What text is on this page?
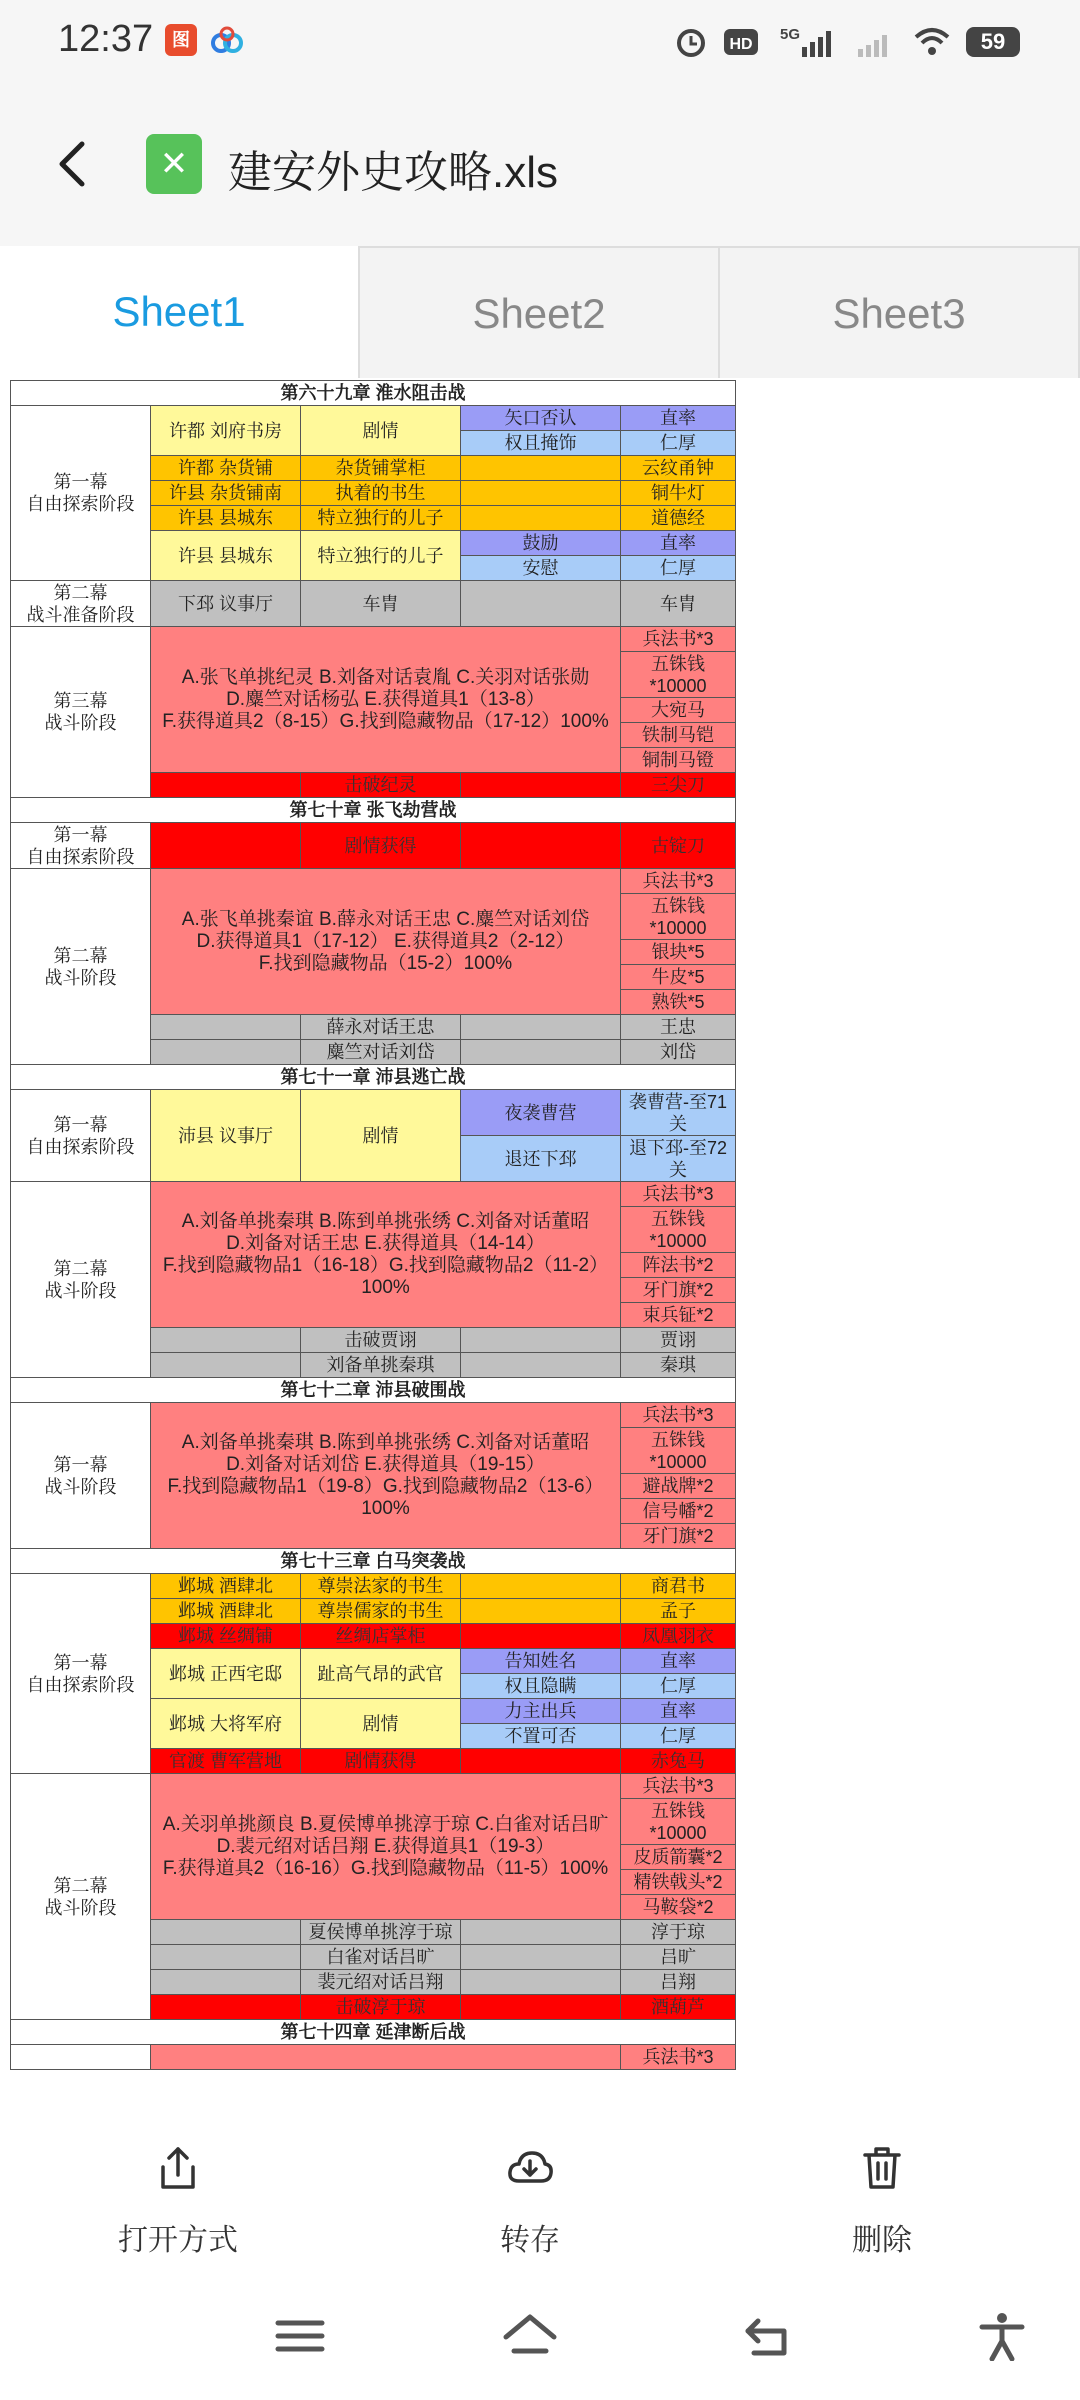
12:37	图	HD
5G	59
✕
建安外史攻略.xls
Sheet1	Sheet2	Sheet3
第六十九章 淮水阻击战				
第一幕
自由探索阶段	许都 刘府书房	剧情	矢口否认	直率
			权且掩饰	仁厚
	许都 杂货铺	杂货铺掌柜		云纹甬钟
	许县 杂货铺南	执着的书生		铜牛灯
	许县 县城东	特立独行的儿子		道德经
	许县 县城东	特立独行的儿子	鼓励	直率
			安慰	仁厚
第二幕
战斗准备阶段	下邳 议事厅	车胄		车胄
第三幕
战斗阶段	A.张飞单挑纪灵 B.刘备对话袁胤 C.关羽对话张勋
D.麋竺对话杨弘 E.获得道具1（13-8）
F.获得道具2（8-15）G.找到隐藏物品（17-12）100%			兵法书*3
				五铢钱
*10000
				大宛马
				铁制马铠
				铜制马镫
		击破纪灵		三尖刀
第七十章 张飞劫营战				
第一幕
自由探索阶段		剧情获得		古锭刀
第二幕
战斗阶段	A.张飞单挑秦谊 B.薛永对话王忠 C.麋竺对话刘岱
D.获得道具1（17-12） E.获得道具2（2-12）
F.找到隐藏物品（15-2）100%			兵法书*3
				五铢钱
*10000
				银块*5
				牛皮*5
				熟铁*5
		薛永对话王忠		王忠
		麋竺对话刘岱		刘岱
第七十一章 沛县逃亡战				
第一幕
自由探索阶段	沛县 议事厅	剧情	夜袭曹营	袭曹营-至71
关
			退还下邳	退下邳-至72
关
第二幕
战斗阶段	A.刘备单挑秦琪 B.陈到单挑张绣 C.刘备对话董昭
D.刘备对话王忠 E.获得道具（14-14）
F.找到隐藏物品1（16-18）G.找到隐藏物品2（11-2）
100%			兵法书*3
				五铢钱
*10000
				阵法书*2
				牙门旗*2
				束兵钲*2
		击破贾诩		贾诩
		刘备单挑秦琪		秦琪
第七十二章 沛县破围战				
第一幕
战斗阶段	A.刘备单挑秦琪 B.陈到单挑张绣 C.刘备对话董昭
D.刘备对话刘岱 E.获得道具（19-15）
F.找到隐藏物品1（19-8）G.找到隐藏物品2（13-6）
100%			兵法书*3
				五铢钱
*10000
				避战牌*2
				信号幡*2
				牙门旗*2
第七十三章 白马突袭战				
第一幕
自由探索阶段	邺城 酒肆北	尊崇法家的书生		商君书
	邺城 酒肆北	尊崇儒家的书生		孟子
	邺城 丝绸铺	丝绸店掌柜		凤凰羽衣
	邺城 正西宅邸	趾高气昂的武官	告知姓名	直率
			权且隐瞒	仁厚
	邺城 大将军府	剧情	力主出兵	直率
			不置可否	仁厚
	官渡 曹军营地	剧情获得		赤兔马
第二幕
战斗阶段	A.关羽单挑颜良 B.夏侯博单挑淳于琼 C.白雀对话吕旷
D.裴元绍对话吕翔 E.获得道具1（19-3）
F.获得道具2（16-16）G.找到隐藏物品（11-5）100%			兵法书*3
				五铢钱
*10000
				皮质箭囊*2
				精铁戟头*2
				马鞍袋*2
		夏侯博单挑淳于琼		淳于琼
		白雀对话吕旷		吕旷
		裴元绍对话吕翔		吕翔
		击破淳于琼		酒葫芦
第七十四章 延津断后战				
				兵法书*3
打开方式	转存	删除
